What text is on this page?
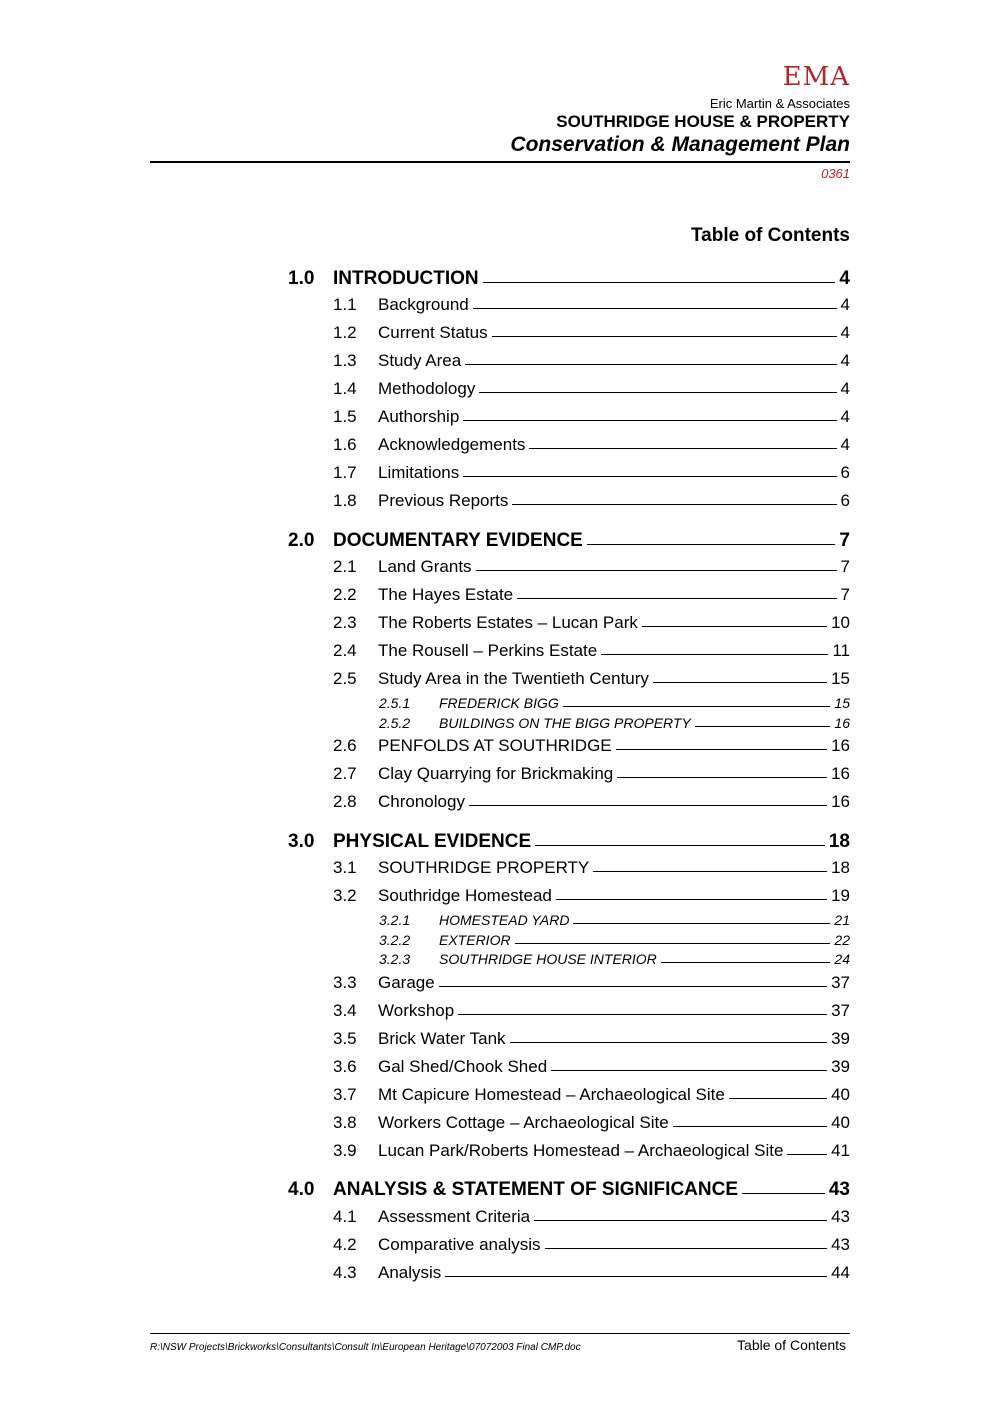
EMA
Eric Martin & Associates
SOUTHRIDGE HOUSE & PROPERTY
Conservation & Management Plan
0361
Table of Contents
1.0 INTRODUCTION	4
1.1	Background	4
1.2	Current Status	4
1.3	Study Area	4
1.4	Methodology	4
1.5	Authorship	4
1.6	Acknowledgements	4
1.7	Limitations	6
1.8	Previous Reports	6
2.0 DOCUMENTARY EVIDENCE	7
2.1	Land Grants	7
2.2	The Hayes Estate	7
2.3	The Roberts Estates – Lucan Park	10
2.4	The Rousell – Perkins Estate	11
2.5	Study Area in the Twentieth Century	15
2.5.1	FREDERICK BIGG	15
2.5.2	BUILDINGS ON THE BIGG PROPERTY	16
2.6	PENFOLDS AT SOUTHRIDGE	16
2.7	Clay Quarrying for Brickmaking	16
2.8	Chronology	16
3.0 PHYSICAL EVIDENCE	18
3.1	SOUTHRIDGE PROPERTY	18
3.2	Southridge Homestead	19
3.2.1	HOMESTEAD YARD	21
3.2.2	EXTERIOR	22
3.2.3	SOUTHRIDGE HOUSE INTERIOR	24
3.3	Garage	37
3.4	Workshop	37
3.5	Brick Water Tank	39
3.6	Gal Shed/Chook Shed	39
3.7	Mt Capicure Homestead – Archaeological Site	40
3.8	Workers Cottage – Archaeological Site	40
3.9	Lucan Park/Roberts Homestead – Archaeological Site	41
4.0 ANALYSIS & STATEMENT OF SIGNIFICANCE	43
4.1	Assessment Criteria	43
4.2	Comparative analysis	43
4.3	Analysis	44
R:\NSW Projects\Brickworks\Consultants\Consult In\European Heritage\07072003 Final CMP.doc	Table of Contents
